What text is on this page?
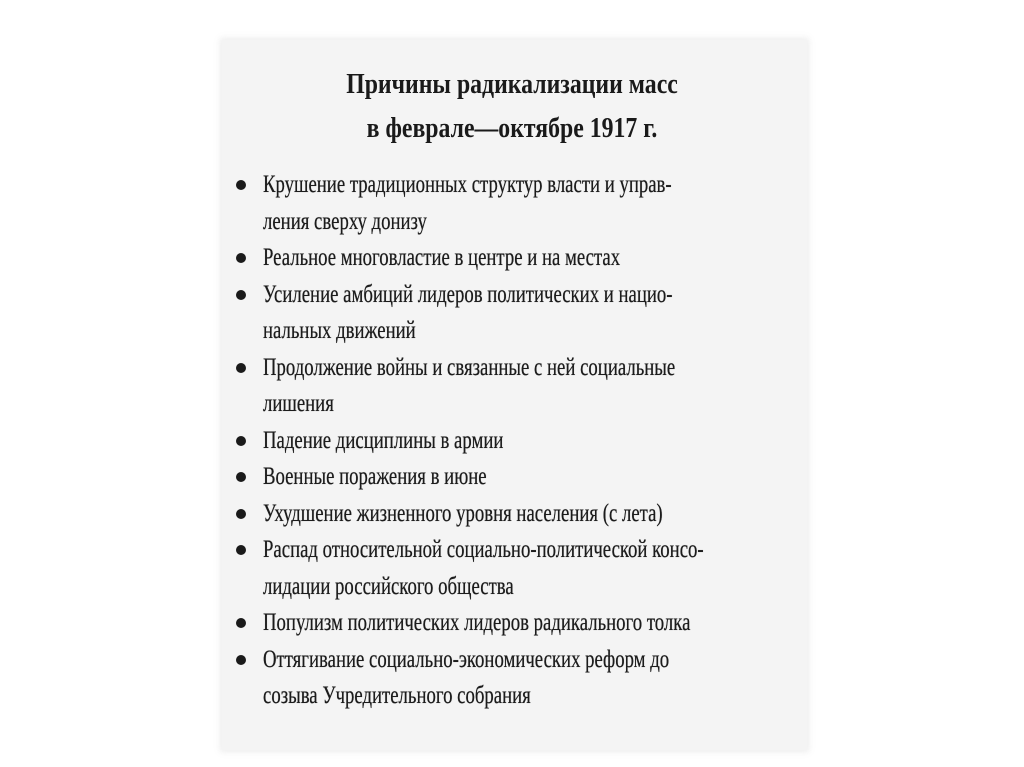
Причины радикализации масс
в феврале—октябре 1917 г.
Крушение традиционных структур власти и управ-
ления сверху донизу
Реальное многовластие в центре и на местах
Усиление амбиций лидеров политических и нацио-
нальных движений
Продолжение войны и связанные с ней социальные
лишения
Падение дисциплины в армии
Военные поражения в июне
Ухудшение жизненного уровня населения (с лета)
Распад относительной социально-политической консо-
лидации российского общества
Популизм политических лидеров радикального толка
Оттягивание социально-экономических реформ до
созыва Учредительного собрания
